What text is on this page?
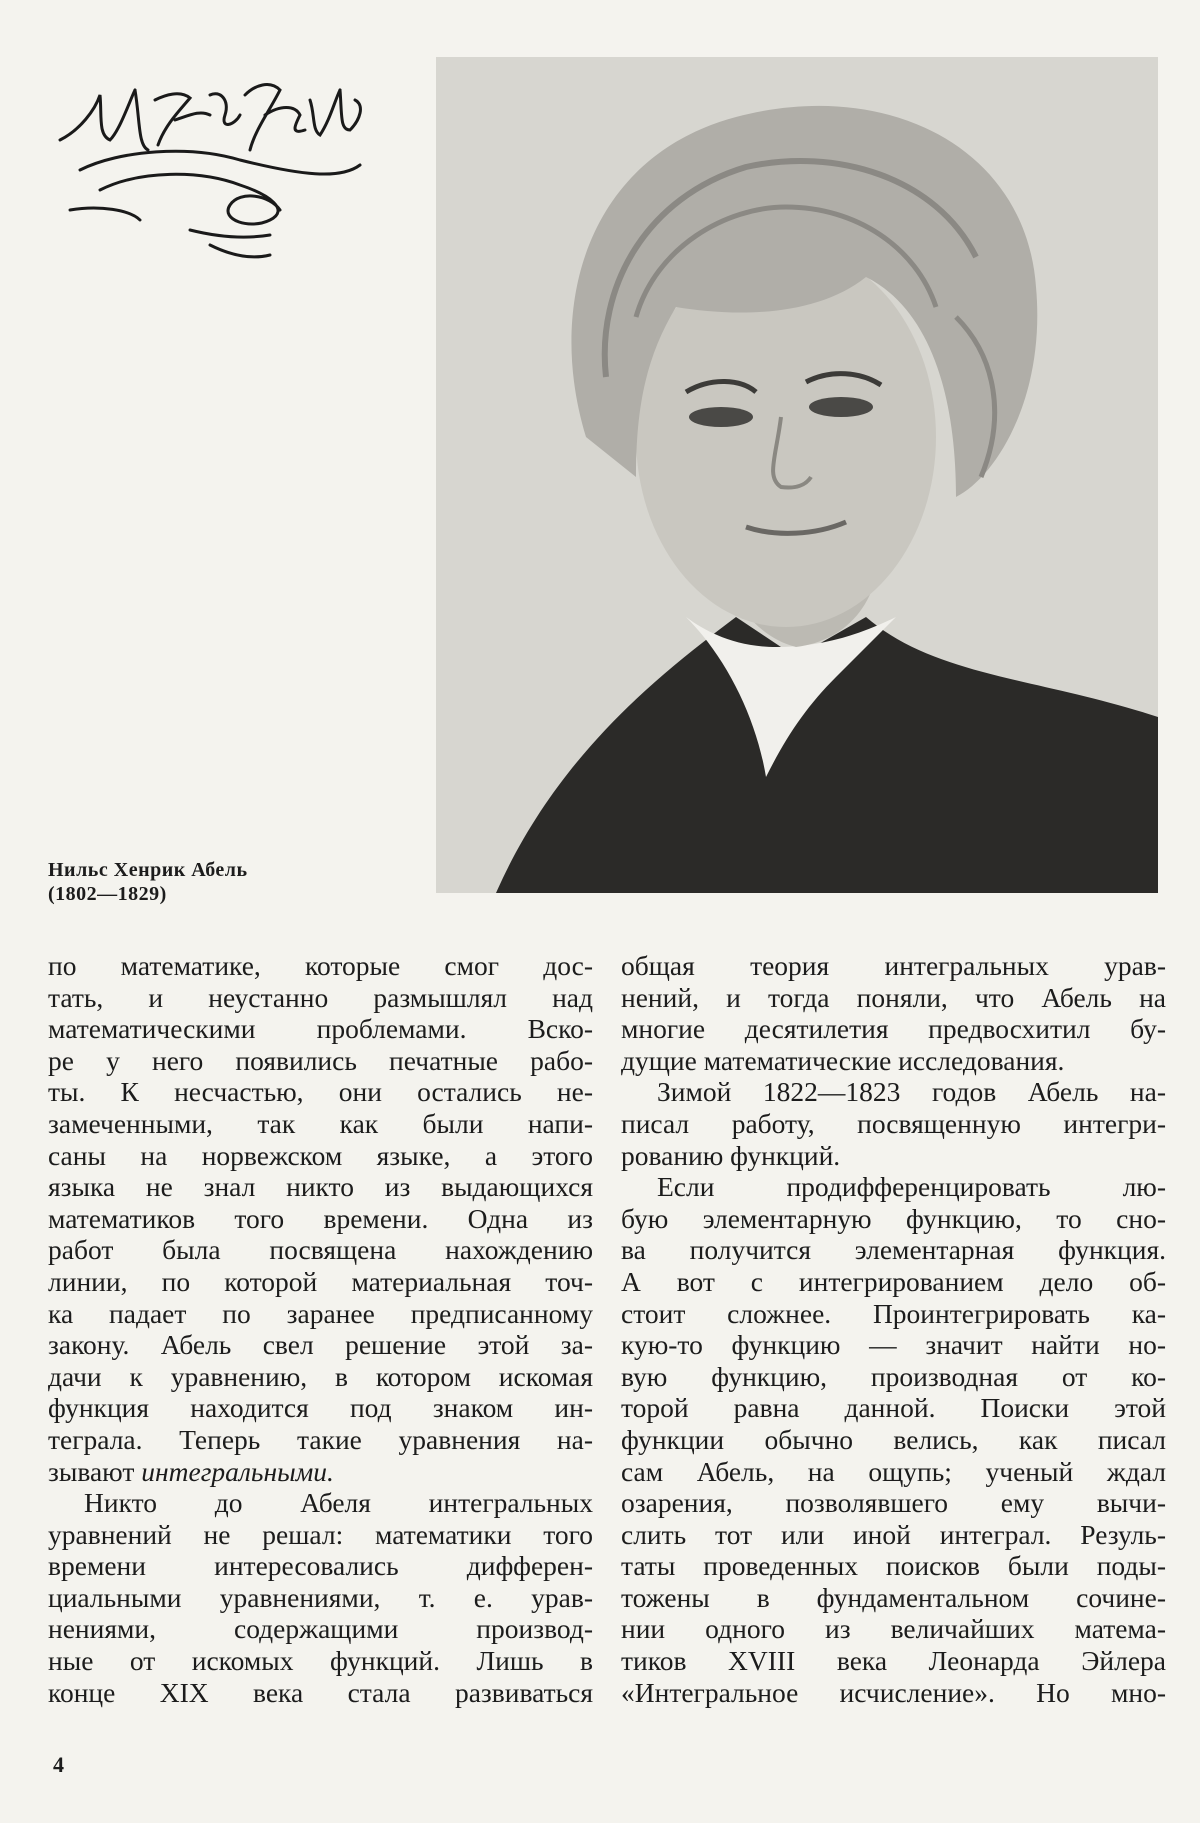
Нильс Хенрик Абель
(1802—1829)

по математике, которые смог дос-
тать, и неустанно размышлял над
математическими проблемами. Вско-
ре у него появились печатные рабо-
ты. К несчастью, они остались не-
замеченными, так как были напи-
саны на норвежском языке, а этого
языка не знал никто из выдающихся
математиков того времени. Одна из
работ была посвящена нахождению
линии, по которой материальная точ-
ка падает по заранее предписанному
закону. Абель свел решение этой за-
дачи к уравнению, в котором искомая
функция находится под знаком ин-
теграла. Теперь такие уравнения на-
зывают интегральными.

Никто до Абеля интегральных
уравнений не решал: математики того
времени интересовались дифферен-
циальными уравнениями, т. е. урав-
нениями, содержащими производ-
ные от искомых функций. Лишь в
конце XIX века стала развиваться

общая теория интегральных урав-
нений, и тогда поняли, что Абель на
многие десятилетия предвосхитил бу-
дущие математические исследования.

Зимой 1822—1823 годов Абель на-
писал работу, посвященную интегри-
рованию функций.

Если продифференцировать лю-
бую элементарную функцию, то сно-
ва получится элементарная функция.
А вот с интегрированием дело об-
стоит сложнее. Проинтегрировать ка-
кую-то функцию — значит найти но-
вую функцию, производная от ко-
торой равна данной. Поиски этой
функции обычно велись, как писал
сам Абель, на ощупь; ученый ждал
озарения, позволявшего ему вычи-
слить тот или иной интеграл. Резуль-
таты проведенных поисков были поды-
тожены в фундаментальном сочине-
нии одного из величайших матема-
тиков XVIII века Леонарда Эйлера
«Интегральное исчисление». Но мно-

4
